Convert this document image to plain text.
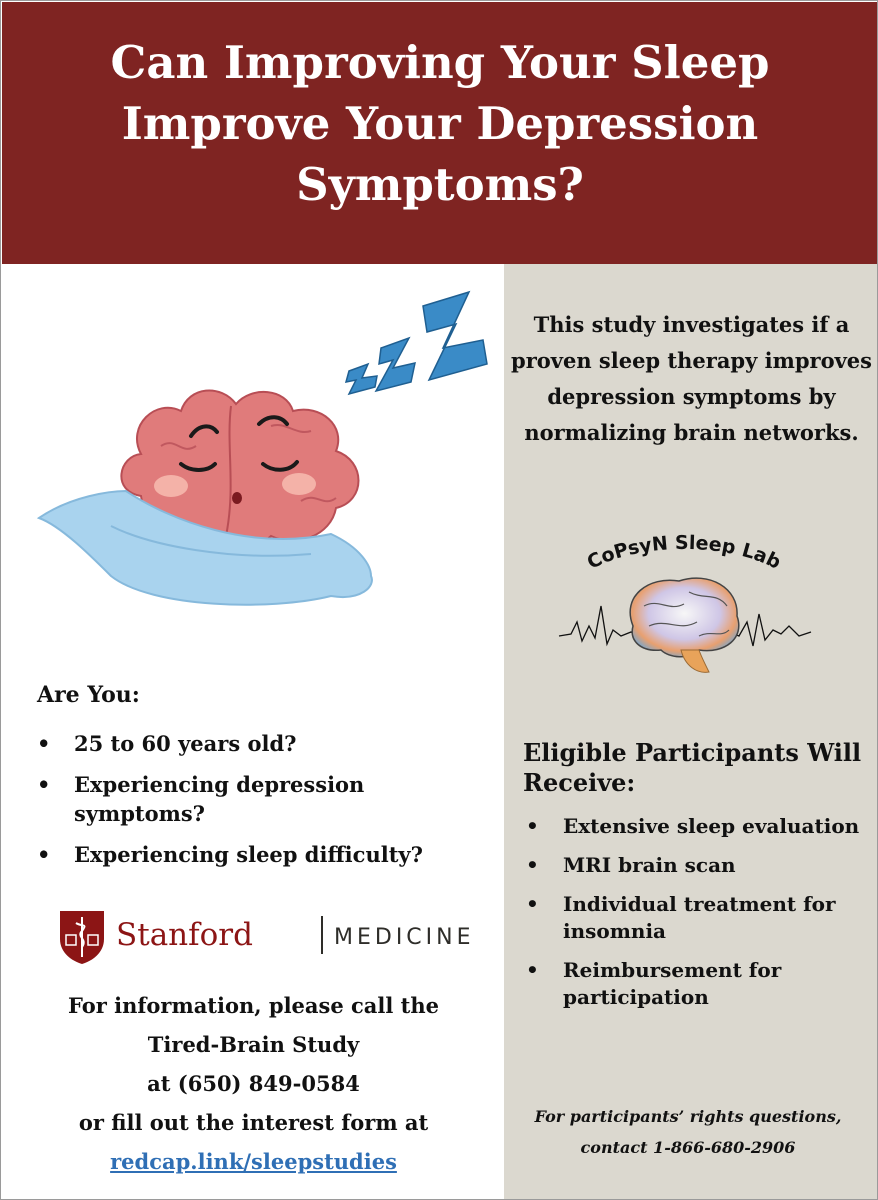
Can Improving Your Sleep Improve Your Depression Symptoms?

This study investigates if a proven sleep therapy improves depression symptoms by normalizing brain networks.

CoPsyN Sleep Lab
Are You:
• 25 to 60 years old?
• Experiencing depression symptoms?
• Experiencing sleep difficulty?
Eligible Participants Will Receive:
• Extensive sleep evaluation
• MRI brain scan
• Individual treatment for insomnia
• Reimbursement for participation
Stanford	MEDICINE

For information, please call the
Tired-Brain Study
at (650) 849-0584
or fill out the interest form at
redcap.link/sleepstudies

For participants’ rights questions,
contact 1-866-680-2906
